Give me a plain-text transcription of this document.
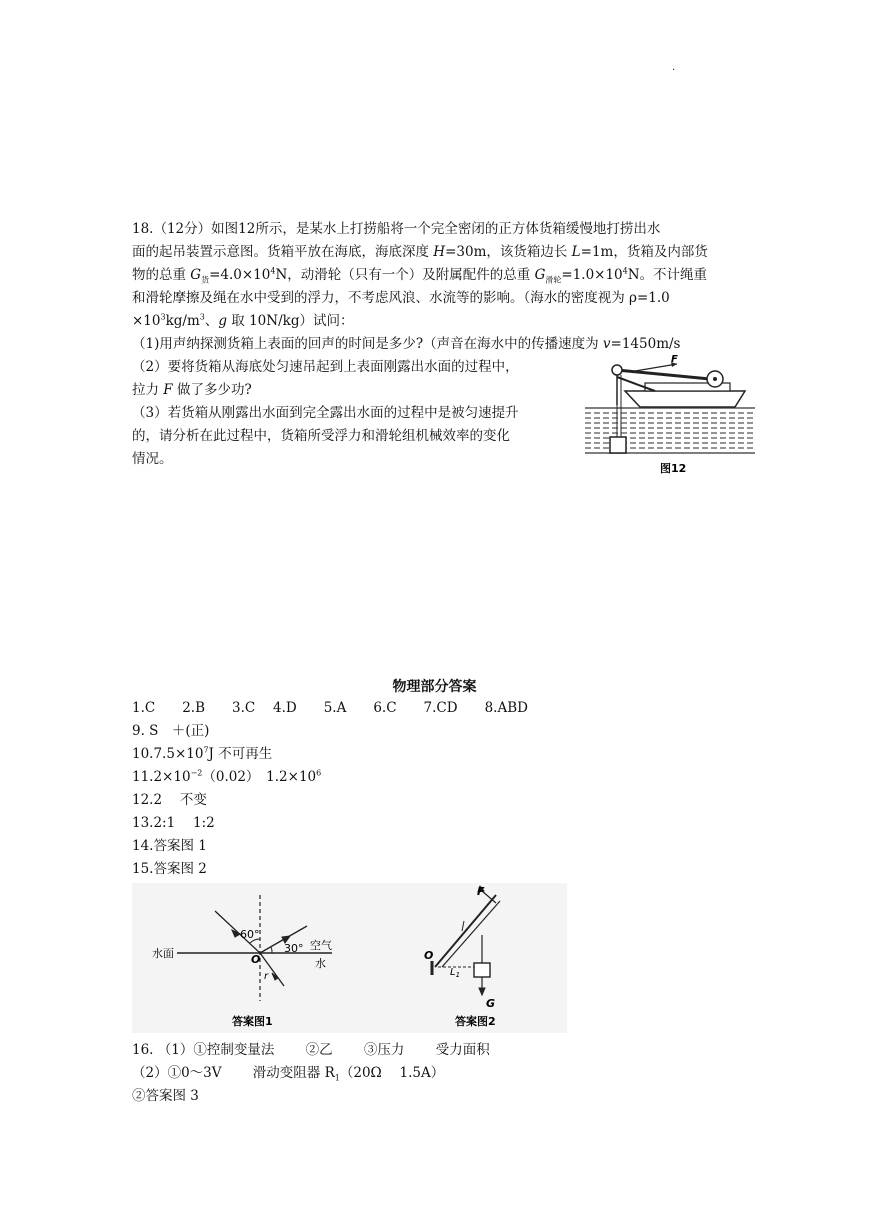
.
18.（12分）如图12所示，是某水上打捞船将一个完全密闭的正方体货箱缓慢地打捞出水
面的起吊装置示意图。货箱平放在海底，海底深度 H=30m，该货箱边长 L=1m，货箱及内部货
物的总重 $G_货=4.0\times 10^4N$，动滑轮（只有一个）及附属配件的总重 $G_{滑轮}=1.0\times 10^4N$。不计绳重
和滑轮摩擦及绳在水中受到的浮力，不考虑风浪、水流等的影响。（海水的密度视为 ρ=1.0
$\times 10^3kg/m^3$、g 取 10N/kg）试问：
（1)用声纳探测货箱上表面的回声的时间是多少?（声音在海水中的传播速度为 v=1450m/s
（2）要将货箱从海底处匀速吊起到上表面刚露出水面的过程中，
拉力 F 做了多少功?
（3）若货箱从刚露出水面到完全露出水面的过程中是被匀速提升
的，请分析在此过程中，货箱所受浮力和滑轮组机械效率的变化
情况。
F
图12
物理部分答案
1.C　　2.B　　3.C　 4.D　　5.A　　6.C　　7.CD　　8.ABD
9. S　＋(正)
$10.7.5\times 10^7J$ 不可再生
$11.2\times 10^{-2}(0.02)$　$1.2\times 10^6$
12.2　 不变
13.2:1　 1:2
14.答案图 1
15.答案图 2
60°
30° 空气
水
水面	O
r
答案图1
F
G
O
$L_1$
答案图2
16. （1）①控制变量法　　 ②乙　　 ③压力　　 受力面积
（2）①0～3V　　 滑动变阻器 $R_1(20\Omega$　 1.5A）
②答案图 3
